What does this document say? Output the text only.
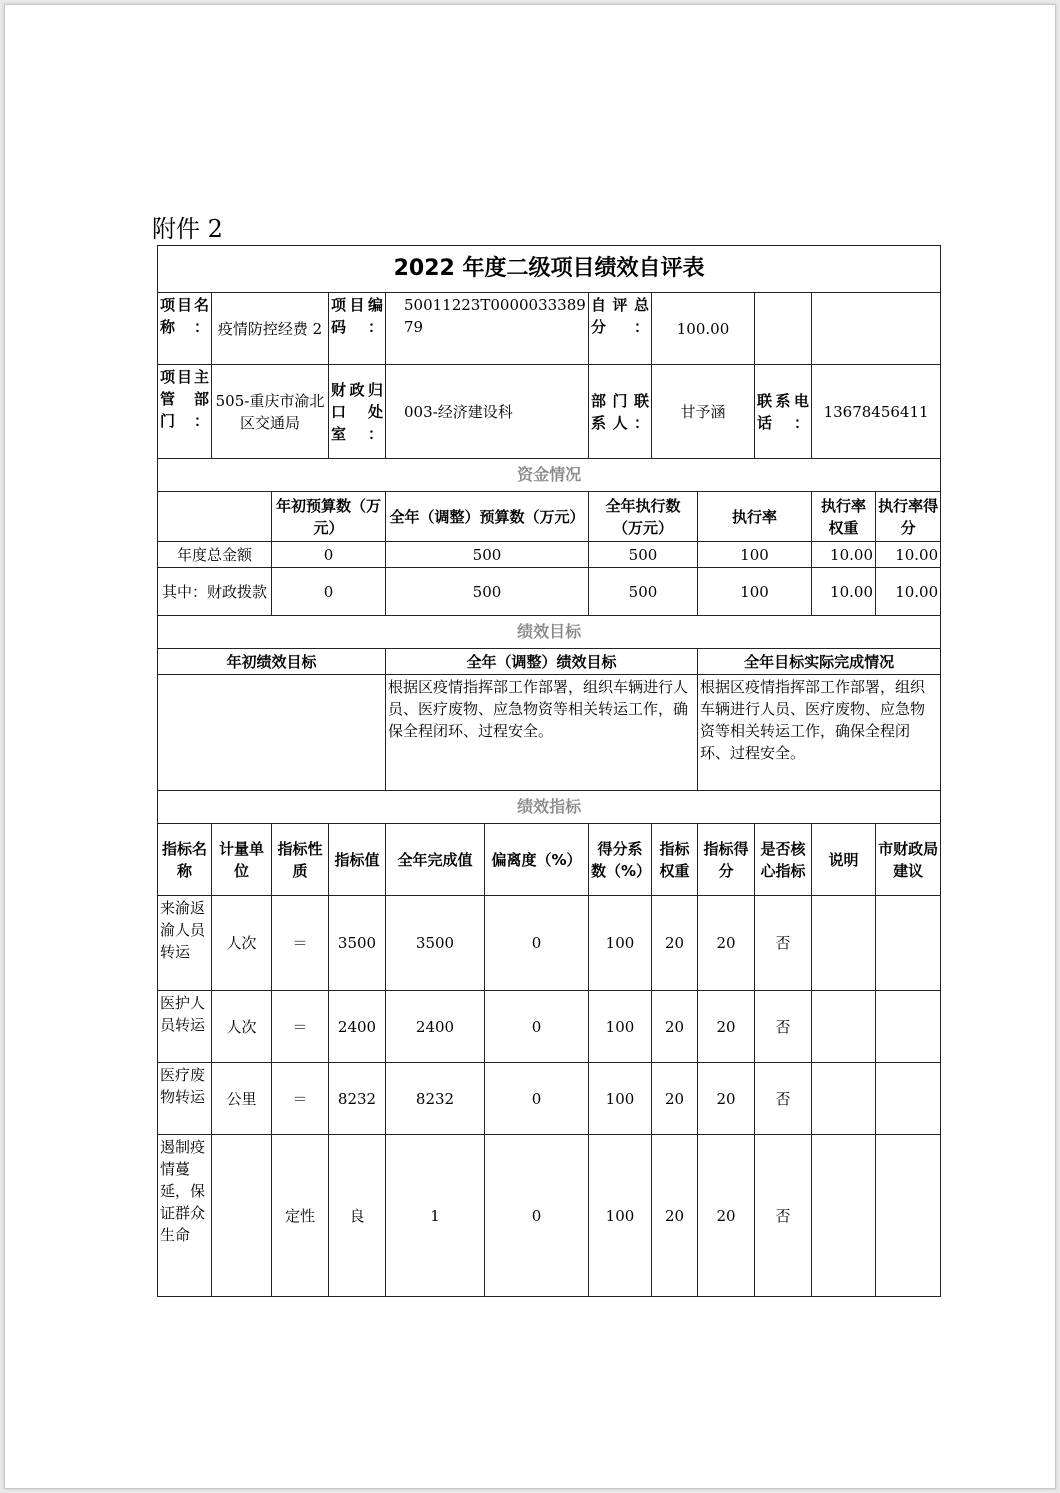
附件 2
2022 年度二级项目绩效自评表											
项目名称：	疫情防控经费 2		项目编码：	50011223T000003338979		自评总分：	100.00				
项目主管部门：	505-重庆市渝北区交通局		财政归口处室：	003-经济建设科		部门联系人：	甘予涵		联系电话：	13678456411	
资金情况											
		年初预算数（万元）		全年（调整）预算数（万元）		全年执行数（万元）		执行率		执行率权重	执行率得分
年度总金额		0		500		500		100		10.00	10.00
其中：财政拨款		0		500		500		100		10.00	10.00
绩效目标											
年初绩效目标				全年（调整）绩效目标				全年目标实际完成情况			
				根据区疫情指挥部工作部署，组织车辆进行人员、医疗废物、应急物资等相关转运工作，确保全程闭环、过程安全。				根据区疫情指挥部工作部署，组织车辆进行人员、医疗废物、应急物资等相关转运工作，确保全程闭环、过程安全。			
绩效指标											
指标名称	计量单位	指标性质	指标值	全年完成值	偏离度（%）	得分系数（%）	指标权重	指标得分	是否核心指标	说明	市财政局建议
来渝返渝人员转运	人次	＝	3500	3500	0	100	20	20	否		
医护人员转运	人次	＝	2400	2400	0	100	20	20	否		
医疗废物转运	公里	＝	8232	8232	0	100	20	20	否		
遏制疫情蔓延，保证群众生命		定性	良	1	0	100	20	20	否		
